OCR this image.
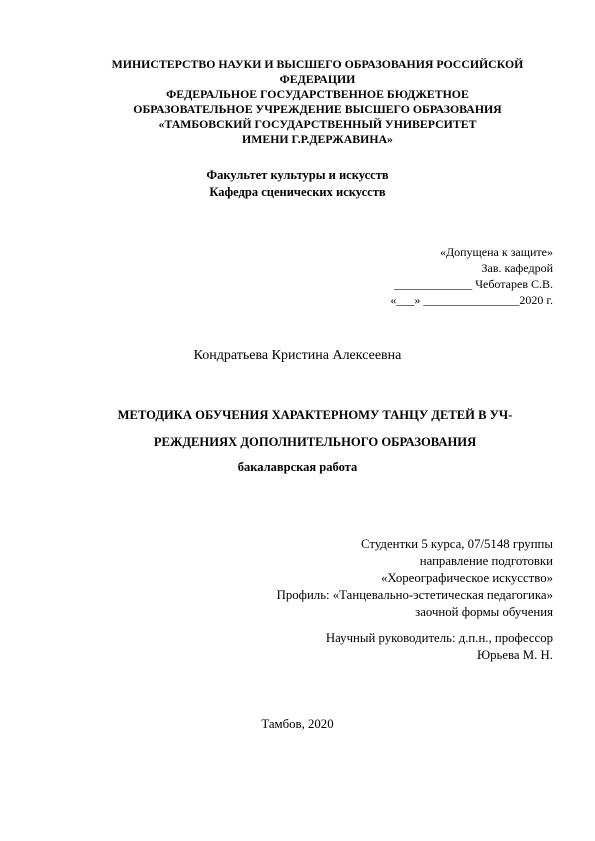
МИНИСТЕРСТВО НАУКИ И ВЫСШЕГО ОБРАЗОВАНИЯ РОССИЙСКОЙ
ФЕДЕРАЦИИ
ФЕДЕРАЛЬНОЕ ГОСУДАРСТВЕННОЕ БЮДЖЕТНОЕ
ОБРАЗОВАТЕЛЬНОЕ УЧРЕЖДЕНИЕ ВЫСШЕГО ОБРАЗОВАНИЯ
«ТАМБОВСКИЙ ГОСУДАРСТВЕННЫЙ УНИВЕРСИТЕТ
ИМЕНИ Г.Р.ДЕРЖАВИНА»
Факультет культуры и искусств
Кафедра сценических искусств
«Допущена к защите»
Зав. кафедрой
_____________ Чеботарев С.В.
«___» ________________2020 г.
Кондратьева Кристина Алексеевна
МЕТОДИКА ОБУЧЕНИЯ ХАРАКТЕРНОМУ ТАНЦУ ДЕТЕЙ В УЧ-
РЕЖДЕНИЯХ ДОПОЛНИТЕЛЬНОГО ОБРАЗОВАНИЯ
бакалаврская работа
Студентки 5 курса, 07/5148 группы
направление подготовки
«Хореографическое искусство»
Профиль: «Танцевально-эстетическая педагогика»
заочной формы обучения
Научный руководитель: д.п.н., профессор
Юрьева М. Н.
Тамбов, 2020
